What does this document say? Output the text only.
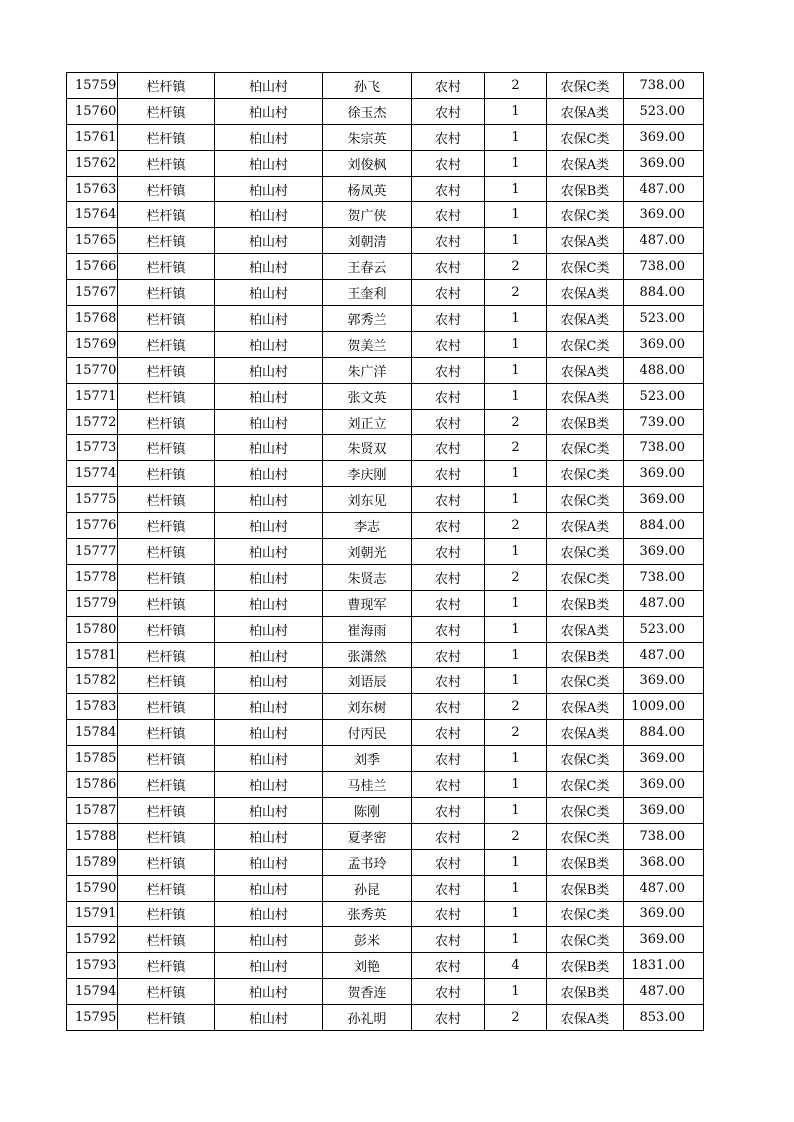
15759	栏杆镇	柏山村	孙飞	农村	2	农保C类	738.00
15760	栏杆镇	柏山村	徐玉杰	农村	1	农保A类	523.00
15761	栏杆镇	柏山村	朱宗英	农村	1	农保C类	369.00
15762	栏杆镇	柏山村	刘俊枫	农村	1	农保A类	369.00
15763	栏杆镇	柏山村	杨凤英	农村	1	农保B类	487.00
15764	栏杆镇	柏山村	贺广侠	农村	1	农保C类	369.00
15765	栏杆镇	柏山村	刘朝清	农村	1	农保A类	487.00
15766	栏杆镇	柏山村	王春云	农村	2	农保C类	738.00
15767	栏杆镇	柏山村	王奎利	农村	2	农保A类	884.00
15768	栏杆镇	柏山村	郭秀兰	农村	1	农保A类	523.00
15769	栏杆镇	柏山村	贺美兰	农村	1	农保C类	369.00
15770	栏杆镇	柏山村	朱广洋	农村	1	农保A类	488.00
15771	栏杆镇	柏山村	张文英	农村	1	农保A类	523.00
15772	栏杆镇	柏山村	刘正立	农村	2	农保B类	739.00
15773	栏杆镇	柏山村	朱贤双	农村	2	农保C类	738.00
15774	栏杆镇	柏山村	李庆刚	农村	1	农保C类	369.00
15775	栏杆镇	柏山村	刘东见	农村	1	农保C类	369.00
15776	栏杆镇	柏山村	李志	农村	2	农保A类	884.00
15777	栏杆镇	柏山村	刘朝光	农村	1	农保C类	369.00
15778	栏杆镇	柏山村	朱贤志	农村	2	农保C类	738.00
15779	栏杆镇	柏山村	曹现军	农村	1	农保B类	487.00
15780	栏杆镇	柏山村	崔海雨	农村	1	农保A类	523.00
15781	栏杆镇	柏山村	张潇然	农村	1	农保B类	487.00
15782	栏杆镇	柏山村	刘语辰	农村	1	农保C类	369.00
15783	栏杆镇	柏山村	刘东树	农村	2	农保A类	1009.00
15784	栏杆镇	柏山村	付丙民	农村	2	农保A类	884.00
15785	栏杆镇	柏山村	刘季	农村	1	农保C类	369.00
15786	栏杆镇	柏山村	马桂兰	农村	1	农保C类	369.00
15787	栏杆镇	柏山村	陈刚	农村	1	农保C类	369.00
15788	栏杆镇	柏山村	夏孝密	农村	2	农保C类	738.00
15789	栏杆镇	柏山村	孟书玲	农村	1	农保B类	368.00
15790	栏杆镇	柏山村	孙昆	农村	1	农保B类	487.00
15791	栏杆镇	柏山村	张秀英	农村	1	农保C类	369.00
15792	栏杆镇	柏山村	彭米	农村	1	农保C类	369.00
15793	栏杆镇	柏山村	刘艳	农村	4	农保B类	1831.00
15794	栏杆镇	柏山村	贺香连	农村	1	农保B类	487.00
15795	栏杆镇	柏山村	孙礼明	农村	2	农保A类	853.00
